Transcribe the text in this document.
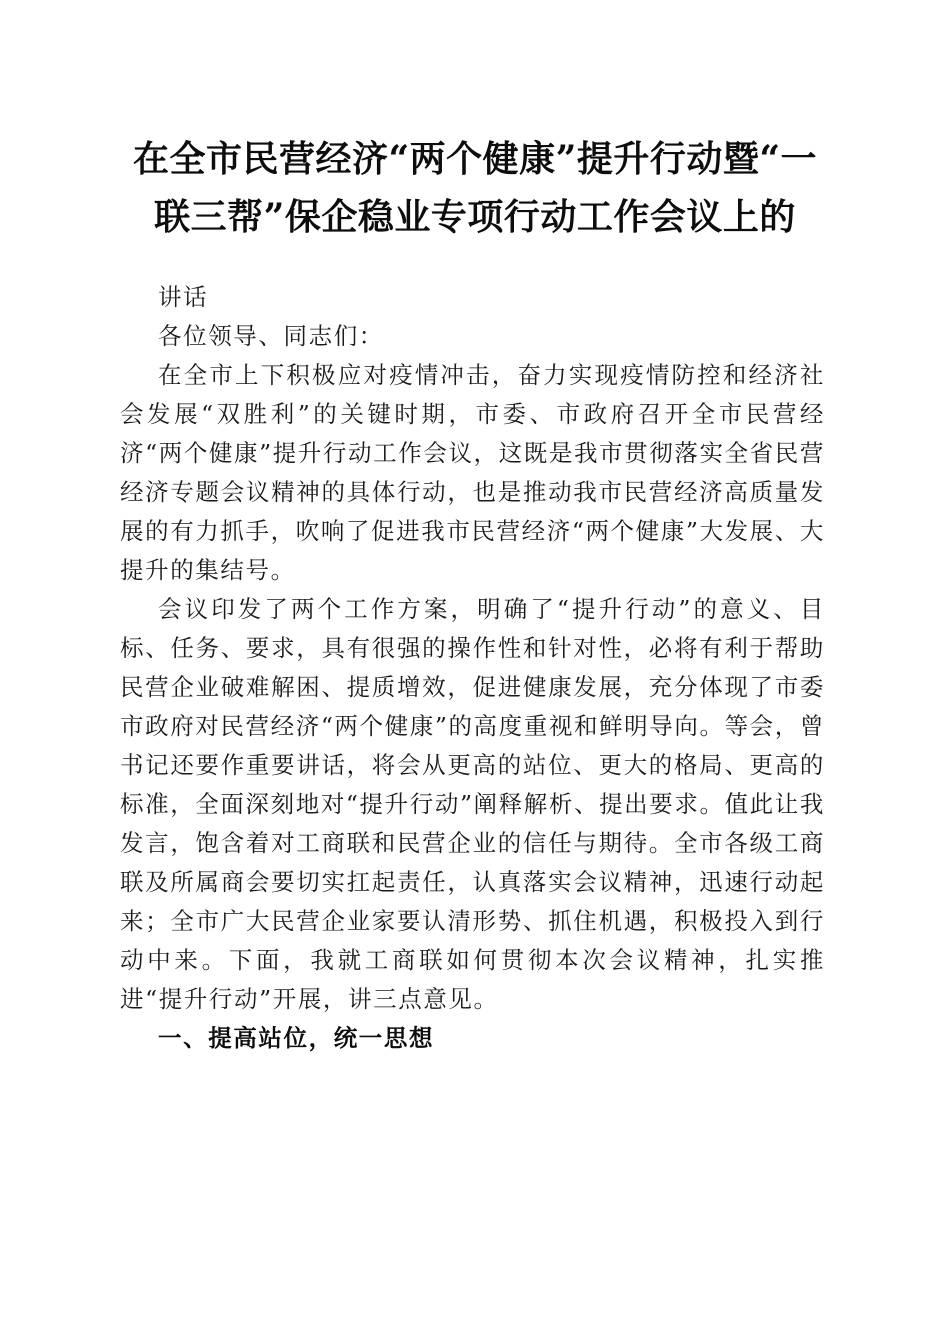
在全市民营经济“两个健康”提升行动暨“一
联三帮”保企稳业专项行动工作会议上的

讲话

各位领导、同志们：

在全市上下积极应对疫情冲击，奋力实现疫情防控和经济社会发展“双胜利”的关键时期，市委、市政府召开全市民营经济“两个健康”提升行动工作会议，这既是我市贯彻落实全省民营经济专题会议精神的具体行动，也是推动我市民营经济高质量发展的有力抓手，吹响了促进我市民营经济“两个健康”大发展、大提升的集结号。

会议印发了两个工作方案，明确了“提升行动”的意义、目标、任务、要求，具有很强的操作性和针对性，必将有利于帮助民营企业破难解困、提质增效，促进健康发展，充分体现了市委市政府对民营经济“两个健康”的高度重视和鲜明导向。等会，曾书记还要作重要讲话，将会从更高的站位、更大的格局、更高的标准，全面深刻地对“提升行动”阐释解析、提出要求。值此让我发言，饱含着对工商联和民营企业的信任与期待。全市各级工商联及所属商会要切实扛起责任，认真落实会议精神，迅速行动起来；全市广大民营企业家要认清形势、抓住机遇，积极投入到行动中来。下面，我就工商联如何贯彻本次会议精神，扎实推进“提升行动”开展，讲三点意见。

一、提高站位，统一思想
